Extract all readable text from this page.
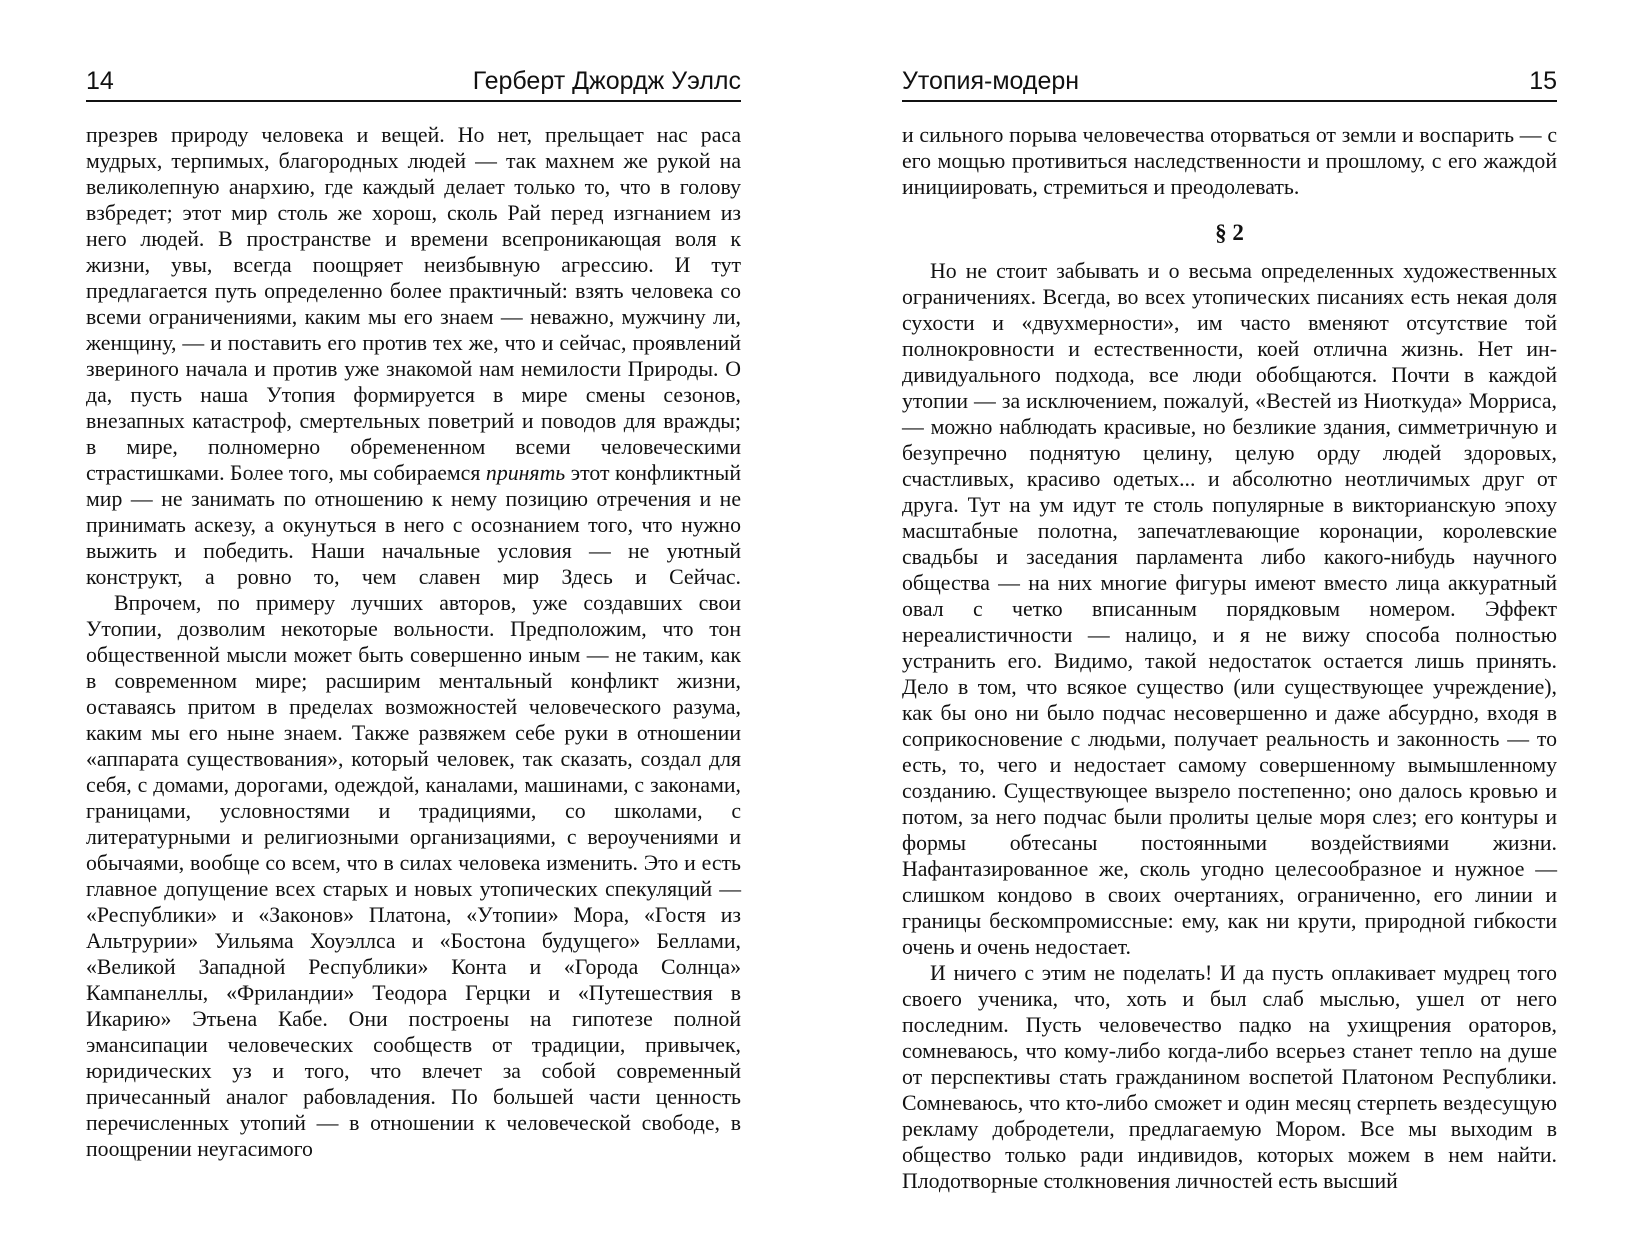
14	Герберт Джордж Уэллс

презрев природу человека и вещей. Но нет, прельщает нас раса мудрых, терпимых, благородных людей — так махнем же рукой на великолепную анархию, где каждый делает только то, что в голову взбредет; этот мир столь же хорош, сколь Рай перед изгнанием из него людей. В пространстве и времени всепроникающая воля к жизни, увы, всегда поощряет неизбывную агрессию. И тут предлагается путь определенно более практичный: взять человека со всеми ограничениями, каким мы его знаем — неважно, мужчину ли, женщину, — и поставить его против тех же, что и сейчас, проявлений звериного начала и против уже знакомой нам немилости Природы. О да, пусть наша Утопия формируется в мире смены сезонов, внезапных катастроф, смертельных поветрий и поводов для вражды; в мире, полномерно обремененном всеми человеческими страстишками. Более того, мы собираемся принять этот конфликтный мир — не занимать по отношению к нему позицию отречения и не принимать аскезу, а окунуться в него с осознанием того, что нужно выжить и победить. Наши начальные условия — не уютный конструкт, а ровно то, чем славен мир Здесь и Сейчас.

Впрочем, по примеру лучших авторов, уже создавших свои Утопии, дозволим некоторые вольности. Предположим, что тон общественной мысли может быть совершенно иным — не таким, как в современном мире; расширим ментальный конфликт жизни, оставаясь притом в пределах возможностей человеческого разума, каким мы его ныне знаем. Также развяжем себе руки в отношении «аппарата существования», который человек, так сказать, создал для себя, с домами, дорогами, одеждой, каналами, машинами, с законами, границами, условностями и традициями, со школами, с литературными и религиозными организациями, с вероучениями и обычаями, вообще со всем, что в силах человека изменить. Это и есть главное допущение всех старых и новых утопических спекуляций — «Республики» и «Законов» Платона, «Утопии» Мора, «Гостя из Альтрурии» Уильяма Хоуэллса и «Бостона будущего» Беллами, «Великой Западной Республики» Конта и «Города Солнца» Кампанеллы, «Фриландии» Теодора Герцки и «Путешествия в Икарию» Этьена Кабе. Они построены на гипотезе полной эмансипации человеческих сообществ от традиции, привычек, юридических уз и того, что влечет за собой современный причесанный аналог рабовладения. По большей части ценность перечисленных утопий — в отношении к человеческой свободе, в поощрении неугасимого

Утопия-модерн	15

и сильного порыва человечества оторваться от земли и воспарить — с его мощью противиться наследственности и прошлому, с его жаждой инициировать, стремиться и преодолевать.

§ 2

Но не стоит забывать и о весьма определенных художественных ограничениях. Всегда, во всех утопических писаниях есть некая доля сухости и «двухмерности», им часто вменяют отсутствие той полнокровности и естественности, коей отлична жизнь. Нет индивидуального подхода, все люди обобщаются. Почти в каждой утопии — за исключением, пожалуй, «Вестей из Ниоткуда» Морриса, — можно наблюдать красивые, но безликие здания, симметричную и безупречно поднятую целину, целую орду людей здоровых, счастливых, красиво одетых... и абсолютно неотличимых друг от друга. Тут на ум идут те столь популярные в викторианскую эпоху масштабные полотна, запечатлевающие коронации, королевские свадьбы и заседания парламента либо какого-нибудь научного общества — на них многие фигуры имеют вместо лица аккуратный овал с четко вписанным порядковым номером. Эффект нереалистичности — налицо, и я не вижу способа полностью устранить его. Видимо, такой недостаток остается лишь принять. Дело в том, что всякое существо (или существующее учреждение), как бы оно ни было подчас несовершенно и даже абсурдно, входя в соприкосновение с людьми, получает реальность и законность — то есть, то, чего и недостает самому совершенному вымышленному созданию. Существующее вызрело постепенно; оно далось кровью и потом, за него подчас были пролиты целые моря слез; его контуры и формы обтесаны постоянными воздействиями жизни. Нафантазированное же, сколь угодно целесообразное и нужное — слишком кондово в своих очертаниях, ограниченно, его линии и границы бескомпромиссные: ему, как ни крути, природной гибкости очень и очень недостает.

И ничего с этим не поделать! И да пусть оплакивает мудрец того своего ученика, что, хоть и был слаб мыслью, ушел от него последним. Пусть человечество падко на ухищрения ораторов, сомневаюсь, что кому-либо когда-либо всерьез станет тепло на душе от перспективы стать гражданином воспетой Платоном Республики. Сомневаюсь, что кто-либо сможет и один месяц стерпеть вездесущую рекламу добродетели, предлагаемую Мором. Все мы выходим в общество только ради индивидов, которых можем в нем найти. Плодотворные столкновения личностей есть высший
